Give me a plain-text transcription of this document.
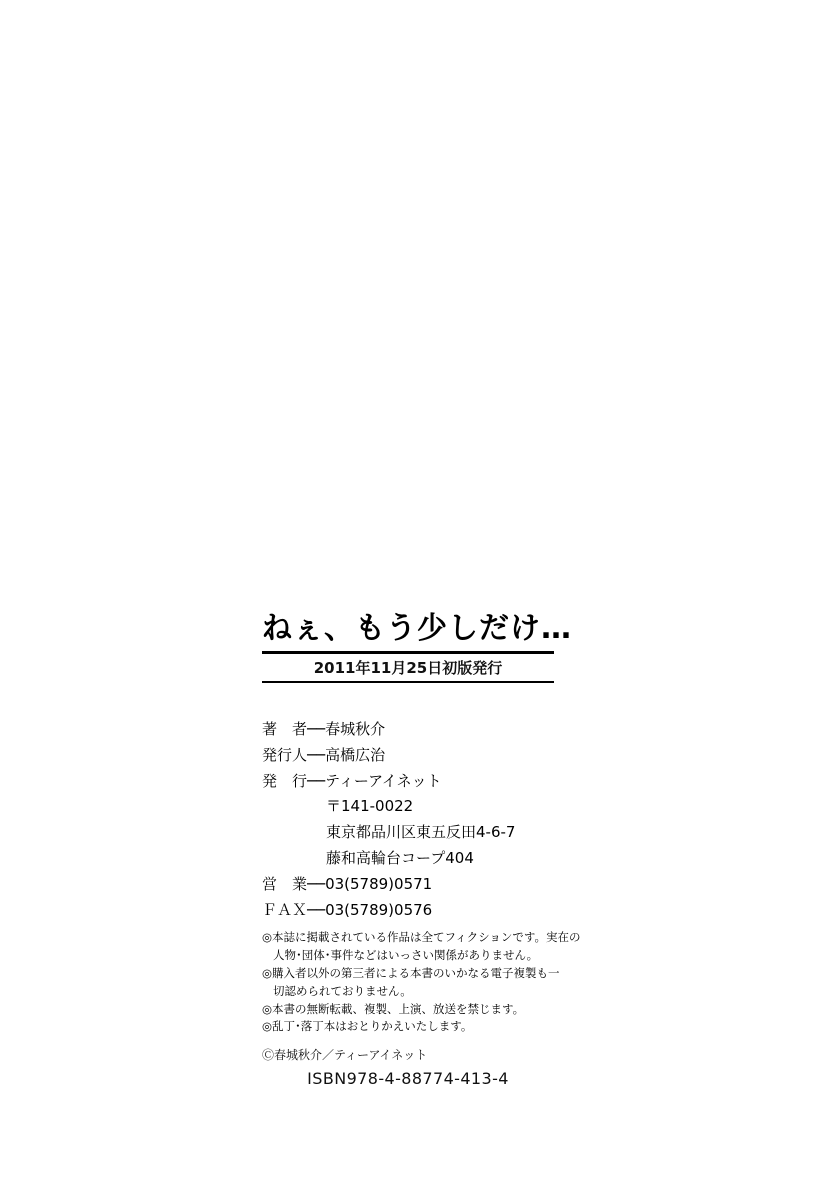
ねぇ、もう少しだけ…
2011年11月25日初版発行
著　者──春城秋介
発行人──高橋広治
発　行──ティーアイネット
〒141-0022
東京都品川区東五反田4-6-7
藤和高輪台コープ404
営　業──03(5789)0571
ＦＡＸ──03(5789)0576
◎本誌に掲載されている作品は全てフィクションです。実在の
人物･団体･事件などはいっさい関係がありません。
◎購入者以外の第三者による本書のいかなる電子複製も一
切認められておりません。
◎本書の無断転載、複製、上演、放送を禁じます。
◎乱丁･落丁本はおとりかえいたします。
Ⓒ春城秋介／ティーアイネット
ISBN978-4-88774-413-4
